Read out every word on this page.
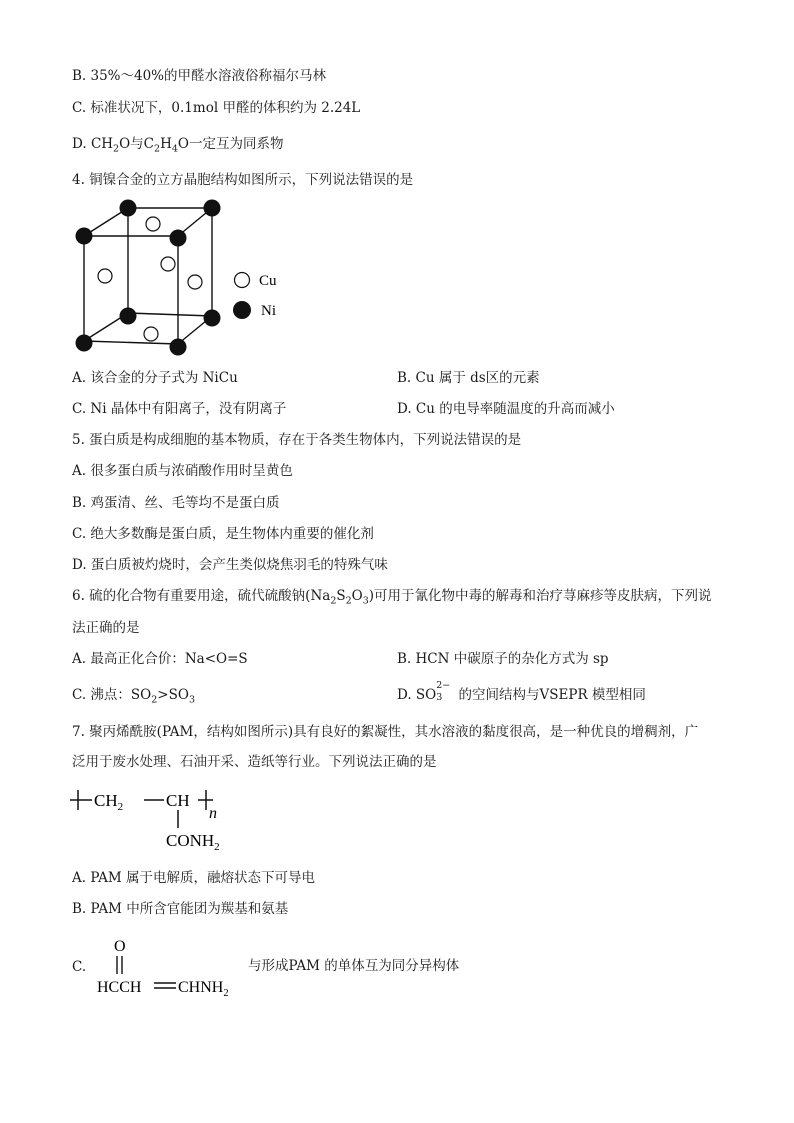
B. 35%～40%的甲醛水溶液俗称福尔马林
C. 标准状况下，0.1mol 甲醛的体积约为 2.24L
D. $CH_2O$与$C_2H_4O$一定互为同系物
4. 铜镍合金的立方晶胞结构如图所示，下列说法错误的是
Cu
Ni
A. 该合金的分子式为 NiCu	B. Cu 属于 ds区的元素
C. Ni 晶体中有阳离子，没有阴离子	D. Cu 的电导率随温度的升高而减小
5. 蛋白质是构成细胞的基本物质，存在于各类生物体内，下列说法错误的是
A. 很多蛋白质与浓硝酸作用时呈黄色
B. 鸡蛋清、丝、毛等均不是蛋白质
C. 绝大多数酶是蛋白质，是生物体内重要的催化剂
D. 蛋白质被灼烧时，会产生类似烧焦羽毛的特殊气味
6. 硫的化合物有重要用途，硫代硫酸钠$(Na_2S_2O_3)$可用于氰化物中毒的解毒和治疗荨麻疹等皮肤病，下列说
法正确的是
A. 最高正化合价：Na<O=S	B. HCN 中碳原子的杂化方式为 sp
C. 沸点：$SO_2>SO_3$	D. SO
2−
3 的空间结构与VSEPR 模型相同
7. 聚丙烯酰胺(PAM，结构如图所示)具有良好的絮凝性，其水溶液的黏度很高，是一种优良的增稠剂，广
泛用于废水处理、石油开采、造纸等行业。下列说法正确的是
$CH_2$	CH
n
$CONH_2$
A. PAM 属于电解质，融熔状态下可导电
B. PAM 中所含官能团为羰基和氨基
C.
O
HCCH $CHNH_2$
与形成PAM 的单体互为同分异构体
